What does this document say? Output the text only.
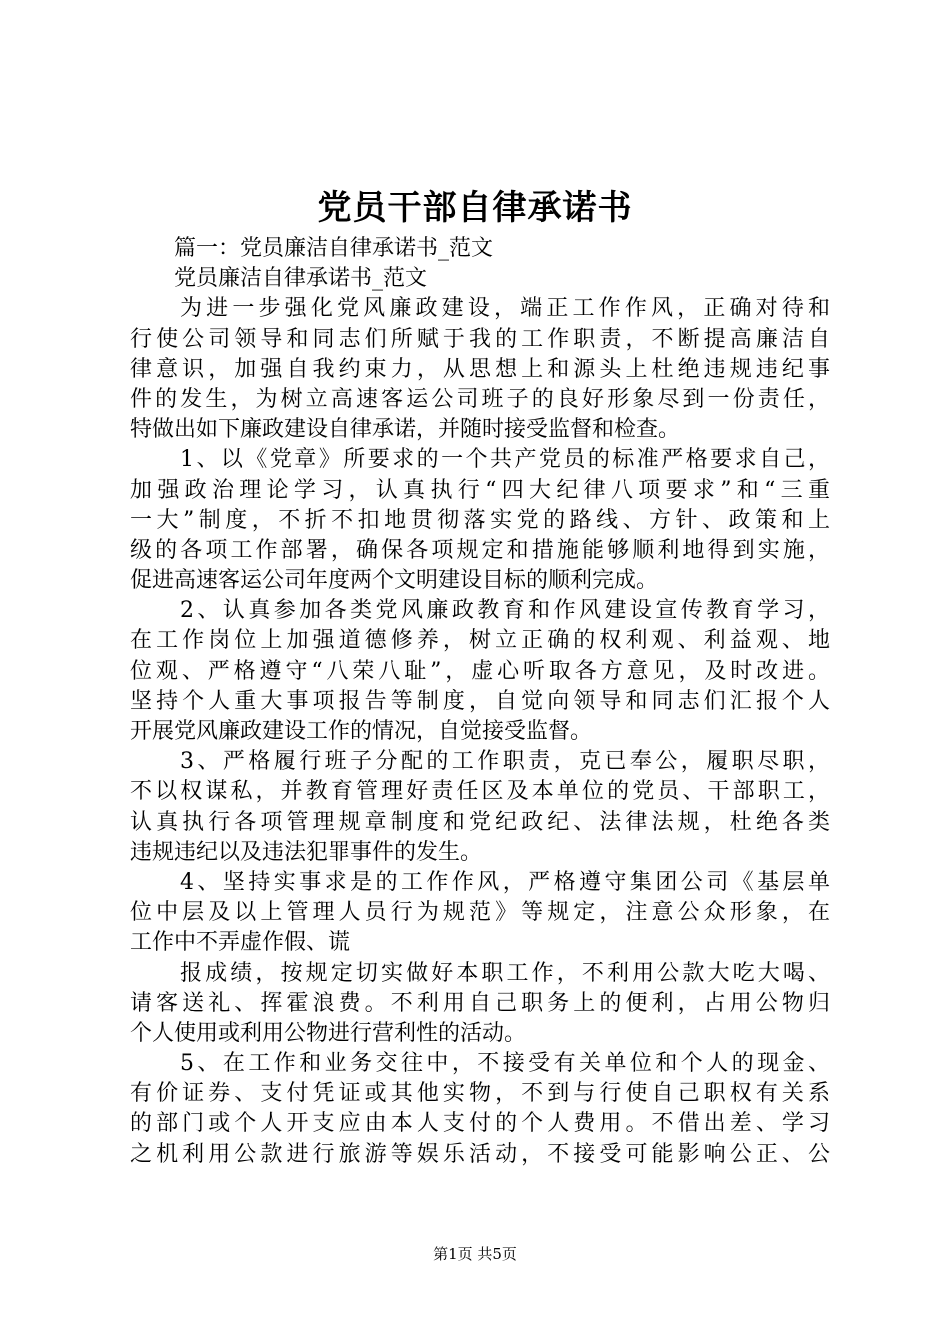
党员干部自律承诺书
篇一：党员廉洁自律承诺书_范文
党员廉洁自律承诺书_范文
为进一步强化党风廉政建设，端正工作作风，正确对待和
行使公司领导和同志们所赋于我的工作职责，不断提高廉洁自
律意识，加强自我约束力，从思想上和源头上杜绝违规违纪事
件的发生，为树立高速客运公司班子的良好形象尽到一份责任，
特做出如下廉政建设自律承诺，并随时接受监督和检查。
1、以《党章》所要求的一个共产党员的标准严格要求自己，
加强政治理论学习，认真执行“四大纪律八项要求”和“三重
一大”制度，不折不扣地贯彻落实党的路线、方针、政策和上
级的各项工作部署，确保各项规定和措施能够顺利地得到实施，
促进高速客运公司年度两个文明建设目标的顺利完成。
2、认真参加各类党风廉政教育和作风建设宣传教育学习，
在工作岗位上加强道德修养，树立正确的权利观、利益观、地
位观、严格遵守“八荣八耻”，虚心听取各方意见，及时改进。
坚持个人重大事项报告等制度，自觉向领导和同志们汇报个人
开展党风廉政建设工作的情况，自觉接受监督。
3、严格履行班子分配的工作职责，克已奉公，履职尽职，
不以权谋私，并教育管理好责任区及本单位的党员、干部职工，
认真执行各项管理规章制度和党纪政纪、法律法规，杜绝各类
违规违纪以及违法犯罪事件的发生。
4、坚持实事求是的工作作风，严格遵守集团公司《基层单
位中层及以上管理人员行为规范》等规定，注意公众形象，在
工作中不弄虚作假、谎
报成绩，按规定切实做好本职工作，不利用公款大吃大喝、
请客送礼、挥霍浪费。不利用自己职务上的便利，占用公物归
个人使用或利用公物进行营利性的活动。
5、在工作和业务交往中，不接受有关单位和个人的现金、
有价证券、支付凭证或其他实物，不到与行使自己职权有关系
的部门或个人开支应由本人支付的个人费用。不借出差、学习
之机利用公款进行旅游等娱乐活动，不接受可能影响公正、公
第1页 共5页
